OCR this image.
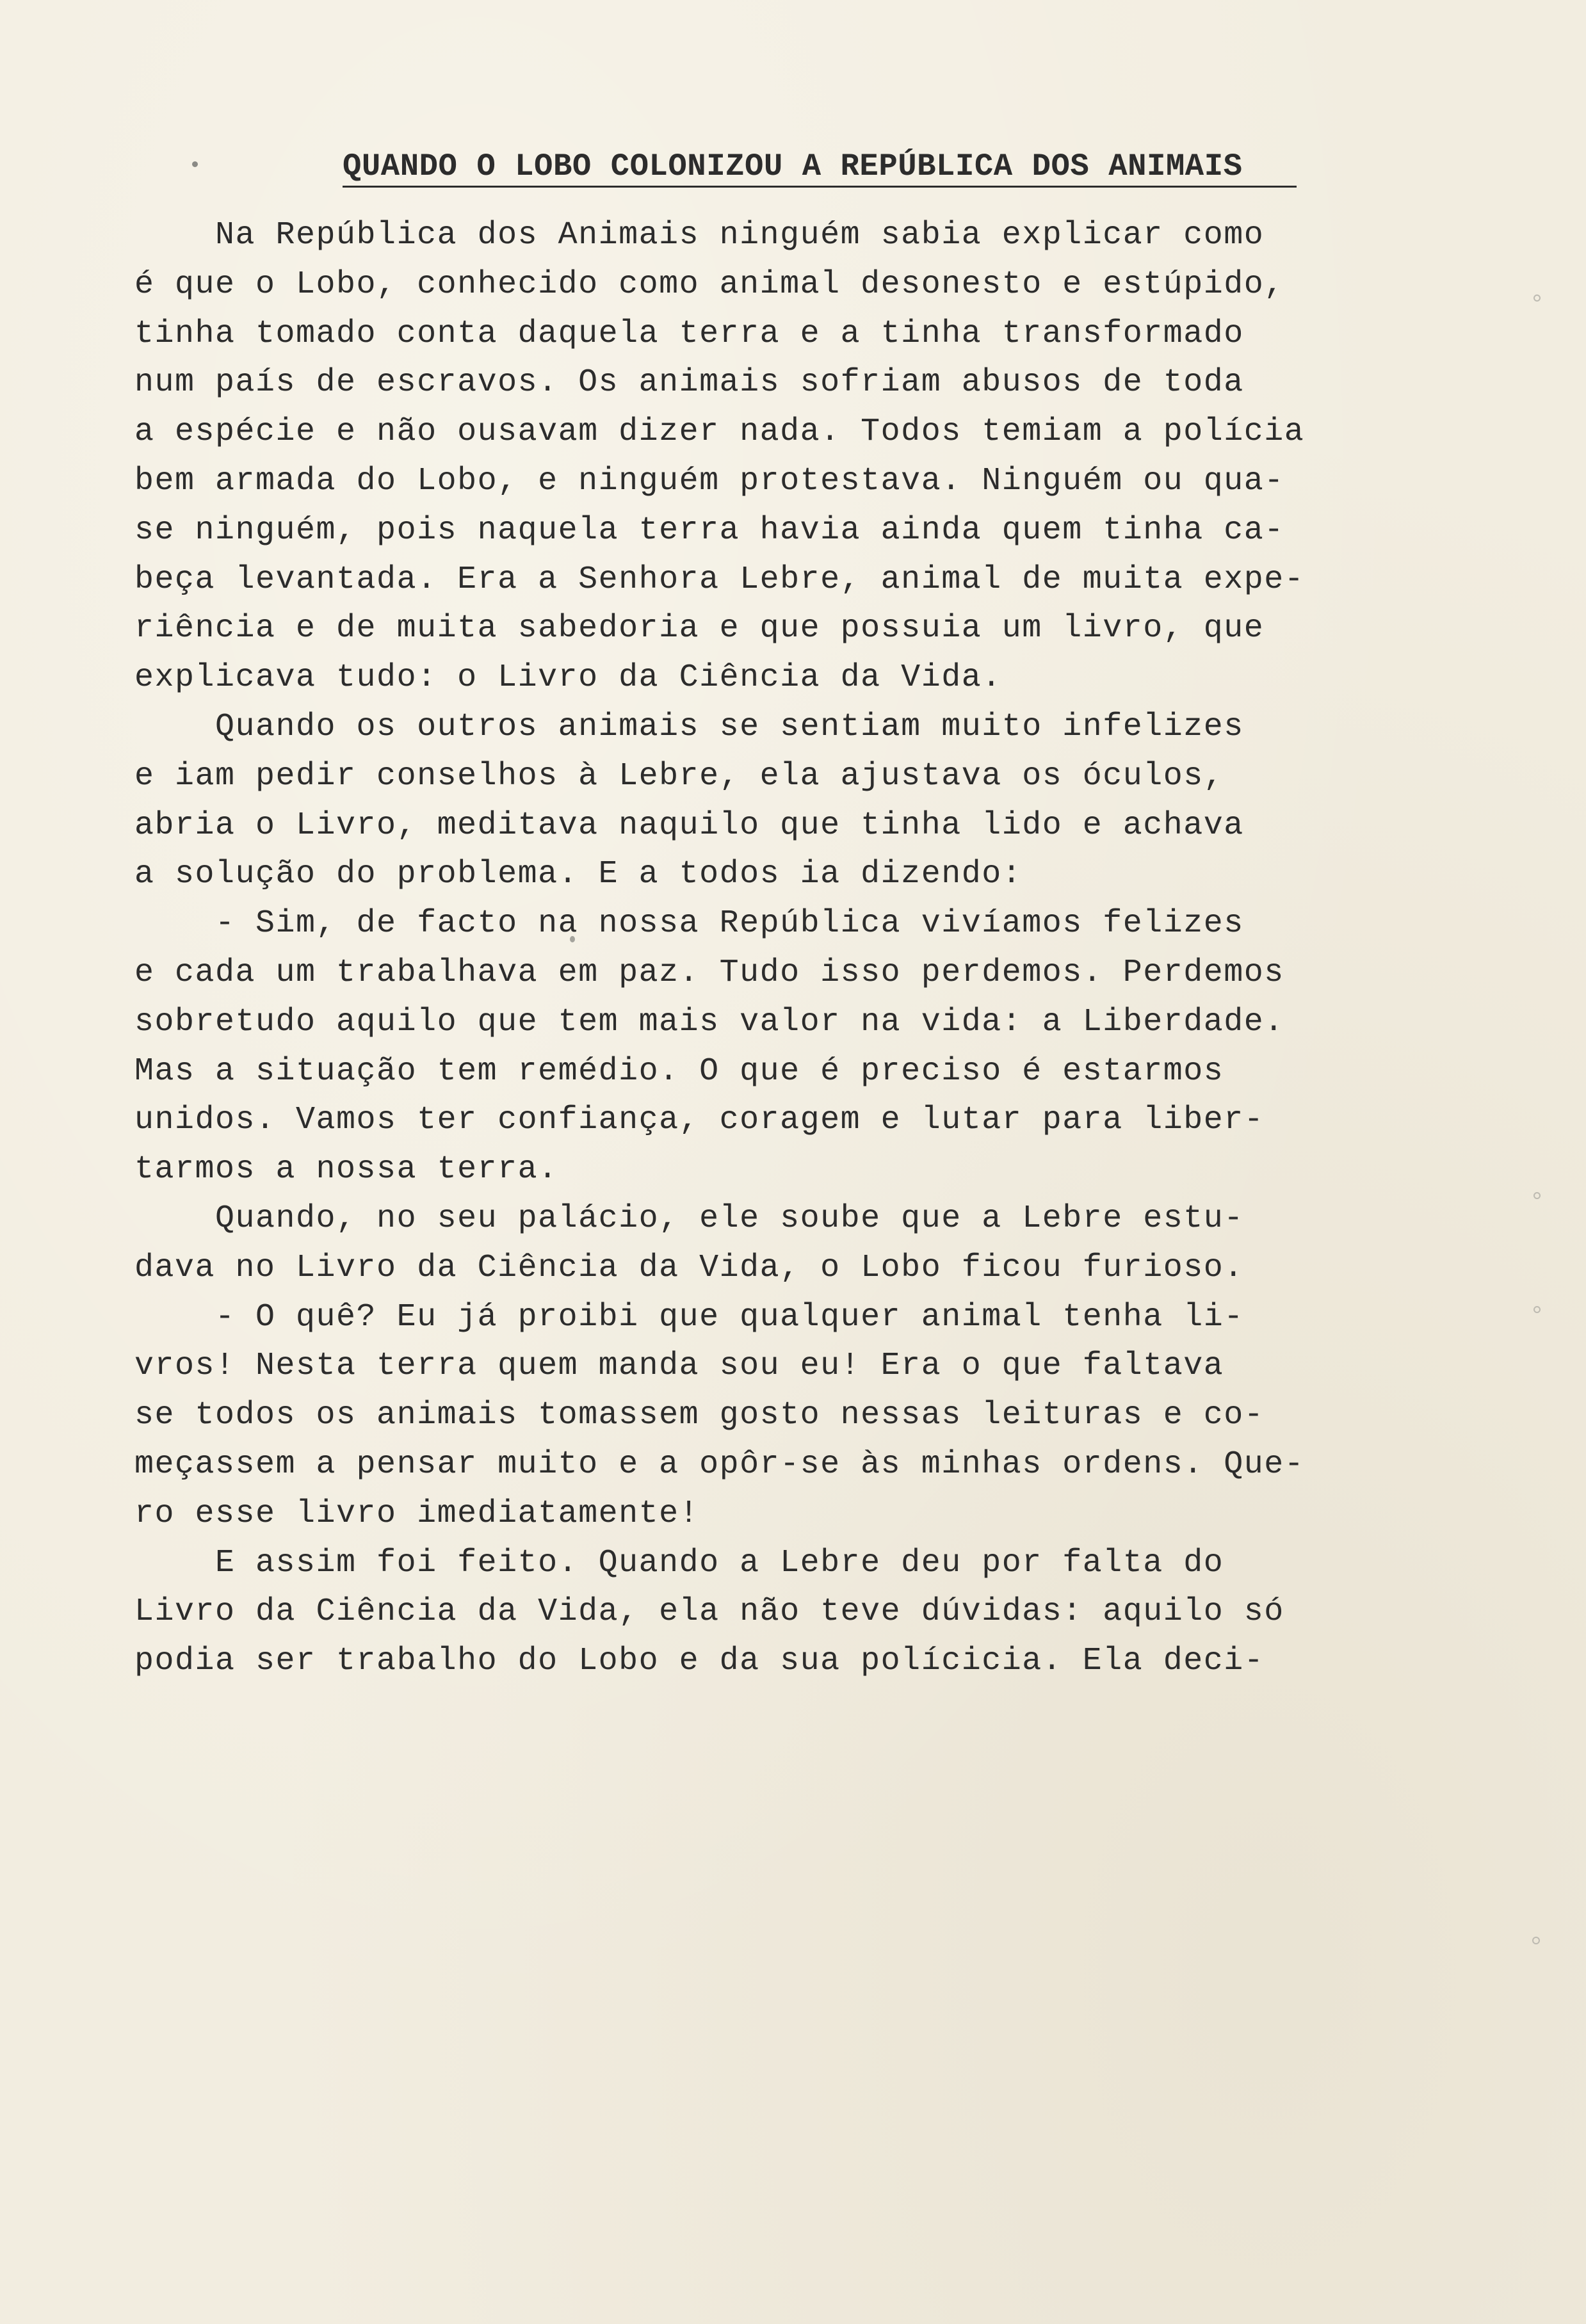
QUANDO O LOBO COLONIZOU A REPÚBLICA DOS ANIMAIS
Na República dos Animais ninguém sabia explicar como
é que o Lobo, conhecido como animal desonesto e estúpido,
tinha tomado conta daquela terra e a tinha transformado
num país de escravos. Os animais sofriam abusos de toda
a espécie e não ousavam dizer nada. Todos temiam a polícia
bem armada do Lobo, e ninguém protestava. Ninguém ou qua-
se ninguém, pois naquela terra havia ainda quem tinha ca-
beça levantada. Era a Senhora Lebre, animal de muita expe-
riência e de muita sabedoria e que possuia um livro, que
explicava tudo: o Livro da Ciência da Vida.
Quando os outros animais se sentiam muito infelizes
e iam pedir conselhos à Lebre, ela ajustava os óculos,
abria o Livro, meditava naquilo que tinha lido e achava
a solução do problema. E a todos ia dizendo:
- Sim, de facto na nossa República vivíamos felizes
e cada um trabalhava em paz. Tudo isso perdemos. Perdemos
sobretudo aquilo que tem mais valor na vida: a Liberdade.
Mas a situação tem remédio. O que é preciso é estarmos
unidos. Vamos ter confiança, coragem e lutar para liber-
tarmos a nossa terra.
Quando, no seu palácio, ele soube que a Lebre estu-
dava no Livro da Ciência da Vida, o Lobo ficou furioso.
- O quê? Eu já proibi que qualquer animal tenha li-
vros! Nesta terra quem manda sou eu! Era o que faltava
se todos os animais tomassem gosto nessas leituras e co-
meçassem a pensar muito e a opôr-se às minhas ordens. Que-
ro esse livro imediatamente!
E assim foi feito. Quando a Lebre deu por falta do
Livro da Ciência da Vida, ela não teve dúvidas: aquilo só
podia ser trabalho do Lobo e da sua polícicia. Ela deci-
